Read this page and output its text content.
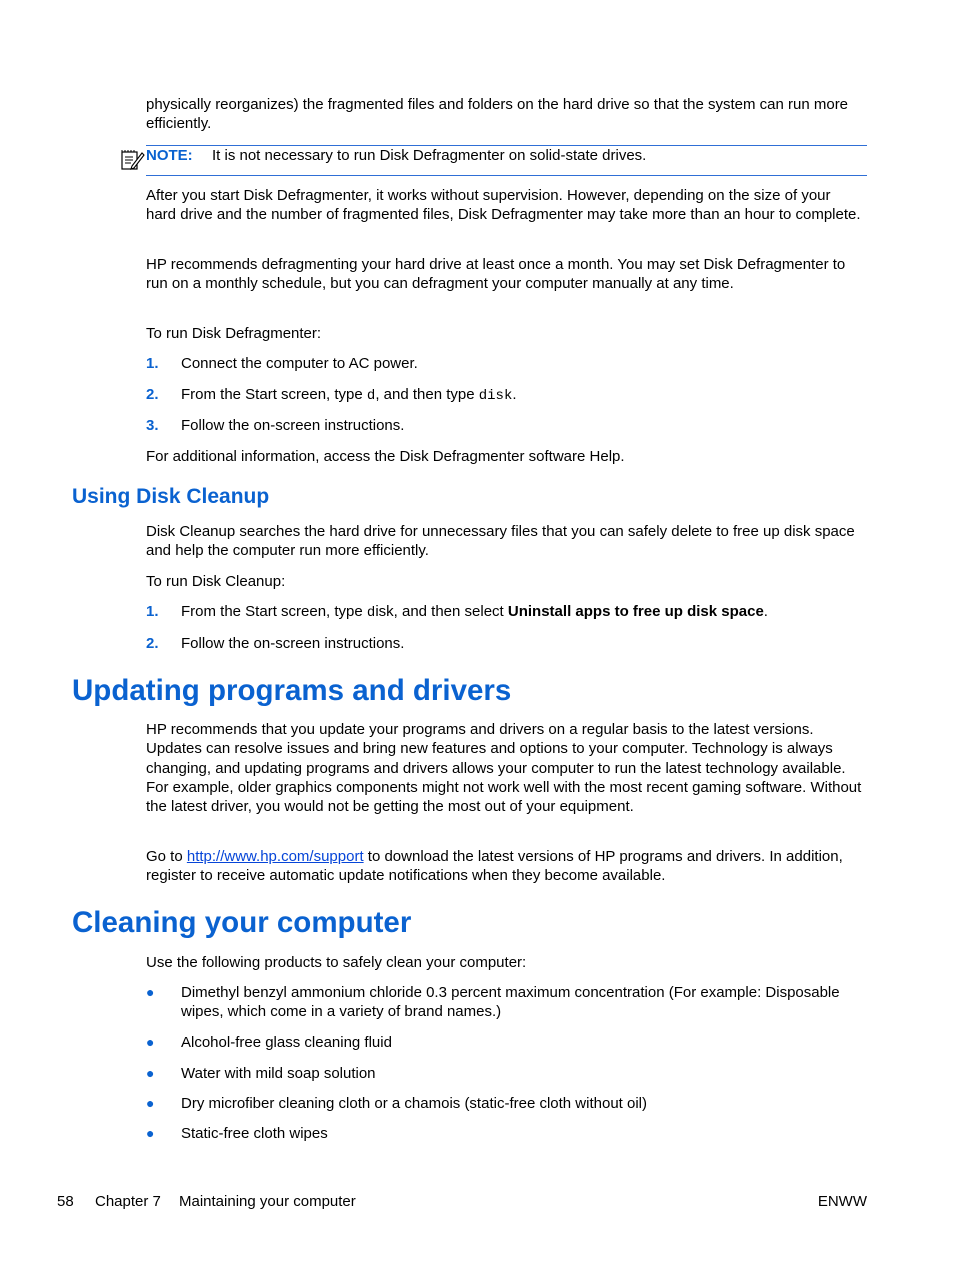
physically reorganizes) the fragmented files and folders on the hard drive so that the system can run more efficiently.

NOTE: It is not necessary to run Disk Defragmenter on solid-state drives.

After you start Disk Defragmenter, it works without supervision. However, depending on the size of your hard drive and the number of fragmented files, Disk Defragmenter may take more than an hour to complete.

HP recommends defragmenting your hard drive at least once a month. You may set Disk Defragmenter to run on a monthly schedule, but you can defragment your computer manually at any time.

To run Disk Defragmenter:

1. Connect the computer to AC power.
2. From the Start screen, type d, and then type disk.
3. Follow the on-screen instructions.

For additional information, access the Disk Defragmenter software Help.

Using Disk Cleanup

Disk Cleanup searches the hard drive for unnecessary files that you can safely delete to free up disk space and help the computer run more efficiently.

To run Disk Cleanup:

1. From the Start screen, type disk, and then select Uninstall apps to free up disk space.
2. Follow the on-screen instructions.
Updating programs and drivers

HP recommends that you update your programs and drivers on a regular basis to the latest versions. Updates can resolve issues and bring new features and options to your computer. Technology is always changing, and updating programs and drivers allows your computer to run the latest technology available. For example, older graphics components might not work well with the most recent gaming software. Without the latest driver, you would not be getting the most out of your equipment.

Go to http://www.hp.com/support to download the latest versions of HP programs and drivers. In addition, register to receive automatic update notifications when they become available.

Cleaning your computer

Use the following products to safely clean your computer:

● Dimethyl benzyl ammonium chloride 0.3 percent maximum concentration (For example: Disposable wipes, which come in a variety of brand names.)
● Alcohol-free glass cleaning fluid
● Water with mild soap solution
● Dry microfiber cleaning cloth or a chamois (static-free cloth without oil)
● Static-free cloth wipes
58 Chapter 7 Maintaining your computer	ENWW
